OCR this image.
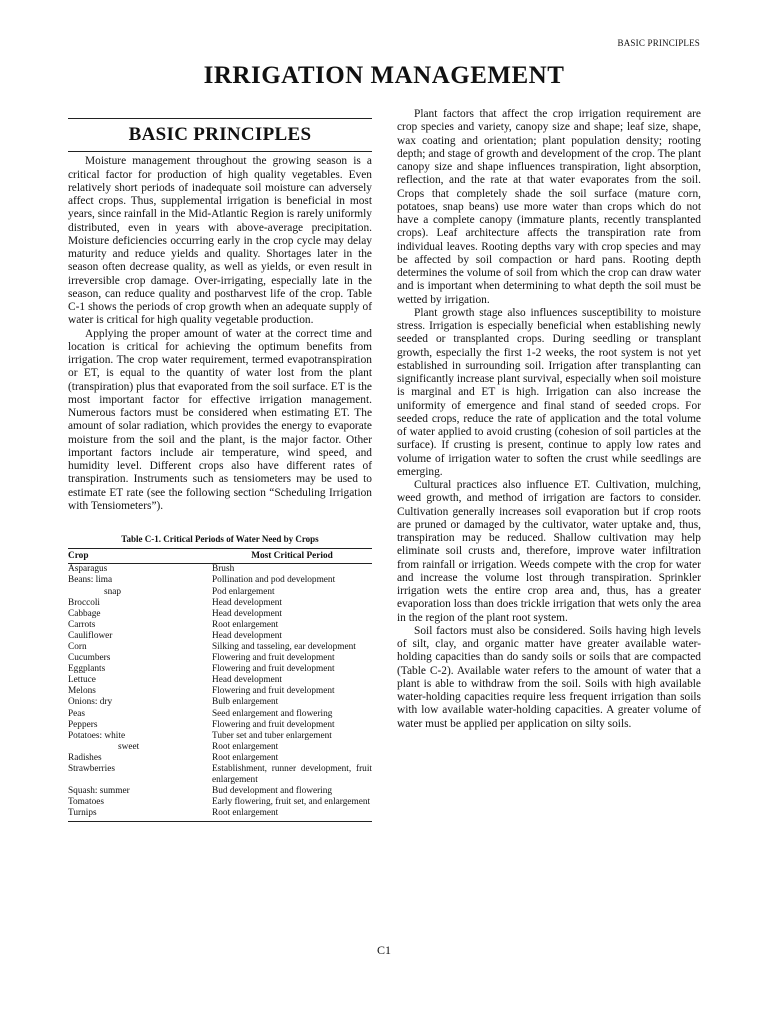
BASIC PRINCIPLES
IRRIGATION MANAGEMENT
BASIC PRINCIPLES

Moisture management throughout the growing season is a critical factor for production of high quality vegetables. Even relatively short periods of inadequate soil moisture can adversely affect crops. Thus, supplemental irrigation is beneficial in most years, since rainfall in the Mid-Atlantic Region is rarely uniformly distributed, even in years with above-average precipitation. Moisture deficiencies occurring early in the crop cycle may delay maturity and reduce yields and quality. Shortages later in the season often decrease quality, as well as yields, or even result in irreversible crop damage. Over-irrigating, especially late in the season, can reduce quality and postharvest life of the crop. Table C-1 shows the periods of crop growth when an adequate supply of water is critical for high quality vegetable production.

Applying the proper amount of water at the correct time and location is critical for achieving the optimum benefits from irrigation. The crop water requirement, termed evapotranspiration or ET, is equal to the quantity of water lost from the plant (transpiration) plus that evaporated from the soil surface. ET is the most important factor for effective irrigation management. Numerous factors must be considered when estimating ET. The amount of solar radiation, which provides the energy to evaporate moisture from the soil and the plant, is the major factor. Other important factors include air temperature, wind speed, and humidity level. Different crops also have different rates of transpiration. Instruments such as tensiometers may be used to estimate ET rate (see the following section “Scheduling Irrigation with Tensiometers”).

Table C-1. Critical Periods of Water Need by Crops
Crop	Most Critical Period
Asparagus	Brush
Beans: lima	Pollination and pod development
snap	Pod enlargement
Broccoli	Head development
Cabbage	Head development
Carrots	Root enlargement
Cauliflower	Head development
Corn	Silking and tasseling, ear development
Cucumbers	Flowering and fruit development
Eggplants	Flowering and fruit development
Lettuce	Head development
Melons	Flowering and fruit development
Onions: dry	Bulb enlargement
Peas	Seed enlargement and flowering
Peppers	Flowering and fruit development
Potatoes: white	Tuber set and tuber enlargement
sweet	Root enlargement
Radishes	Root enlargement
Strawberries	Establishment, runner development, fruit enlargement
Squash: summer	Bud development and flowering
Tomatoes	Early flowering, fruit set, and enlargement
Turnips	Root enlargement

Plant factors that affect the crop irrigation requirement are crop species and variety, canopy size and shape; leaf size, shape, wax coating and orientation; plant population density; rooting depth; and stage of growth and development of the crop. The plant canopy size and shape influences transpiration, light absorption, reflection, and the rate at that water evaporates from the soil. Crops that completely shade the soil surface (mature corn, potatoes, snap beans) use more water than crops which do not have a complete canopy (immature plants, recently transplanted crops). Leaf architecture affects the transpiration rate from individual leaves. Rooting depths vary with crop species and may be affected by soil compaction or hard pans. Rooting depth determines the volume of soil from which the crop can draw water and is important when determining to what depth the soil must be wetted by irrigation.

Plant growth stage also influences susceptibility to moisture stress. Irrigation is especially beneficial when establishing newly seeded or transplanted crops. During seedling or transplant growth, especially the first 1-2 weeks, the root system is not yet established in surrounding soil. Irrigation after transplanting can significantly increase plant survival, especially when soil moisture is marginal and ET is high. Irrigation can also increase the uniformity of emergence and final stand of seeded crops. For seeded crops, reduce the rate of application and the total volume of water applied to avoid crusting (cohesion of soil particles at the surface). If crusting is present, continue to apply low rates and volume of irrigation water to soften the crust while seedlings are emerging.

Cultural practices also influence ET. Cultivation, mulching, weed growth, and method of irrigation are factors to consider. Cultivation generally increases soil evaporation but if crop roots are pruned or damaged by the cultivator, water uptake and, thus, transpiration may be reduced. Shallow cultivation may help eliminate soil crusts and, therefore, improve water infiltration from rainfall or irrigation. Weeds compete with the crop for water and increase the volume lost through transpiration. Sprinkler irrigation wets the entire crop area and, thus, has a greater evaporation loss than does trickle irrigation that wets only the area in the region of the plant root system.

Soil factors must also be considered. Soils having high levels of silt, clay, and organic matter have greater available water-holding capacities than do sandy soils or soils that are compacted (Table C-2). Available water refers to the amount of water that a plant is able to withdraw from the soil. Soils with high available water-holding capacities require less frequent irrigation than soils with low available water-holding capacities. A greater volume of water must be applied per application on silty soils.

C1
